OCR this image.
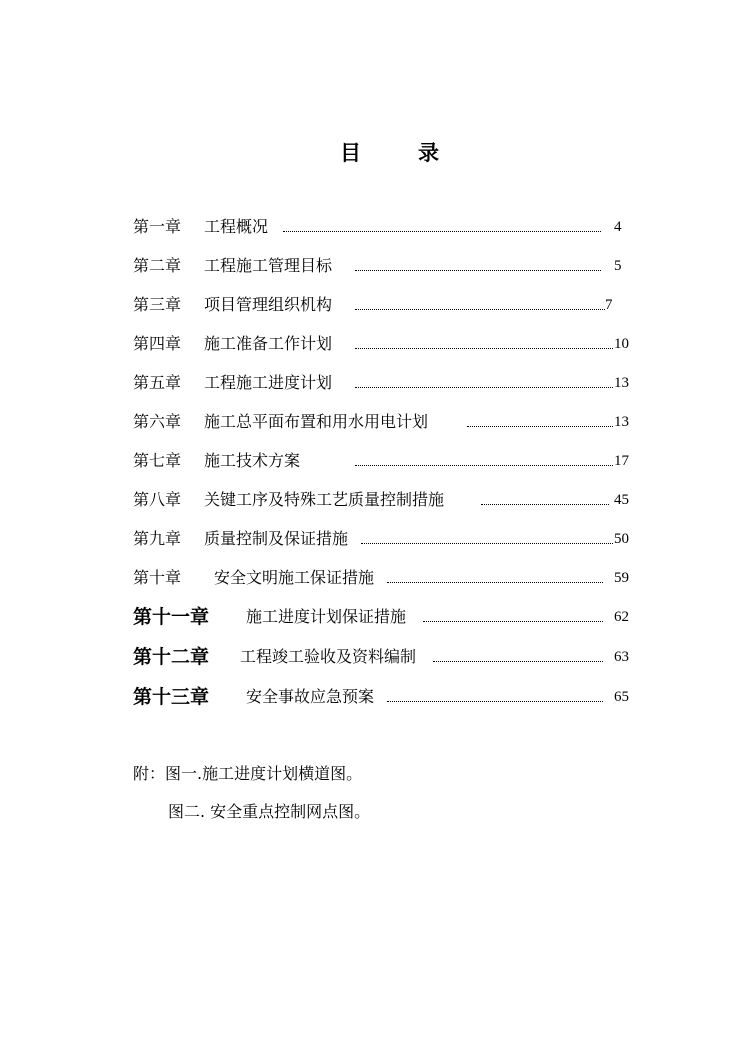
目	录
第一章 工程概况	4
第二章 工程施工管理目标	5
第三章 项目管理组织机构	7
第四章 施工准备工作计划	10
第五章 工程施工进度计划	13
第六章 施工总平面布置和用水用电计划	13
第七章 施工技术方案	17
第八章 关键工序及特殊工艺质量控制措施	45
第九章 质量控制及保证措施	50
第十章 安全文明施工保证措施	59
第十一章 施工进度计划保证措施	62
第十二章 工程竣工验收及资料编制	63
第十三章 安全事故应急预案	65
附：图一.施工进度计划横道图。
图二. 安全重点控制网点图。
